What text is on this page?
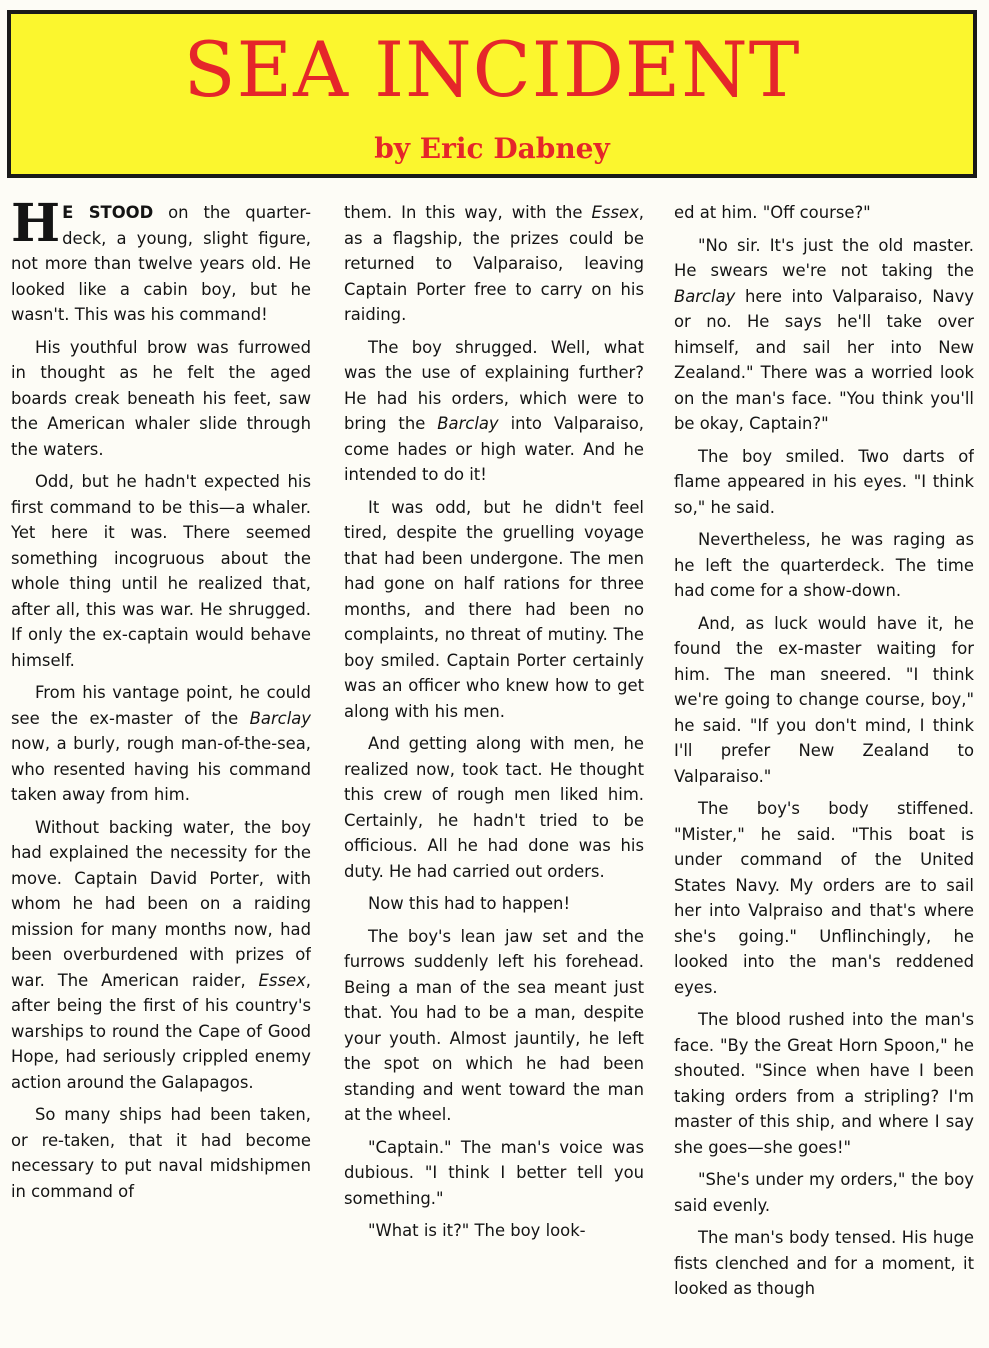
SEA INCIDENT
by Eric Dabney

H E STOOD on the quarter-deck, a young, slight figure, not more than twelve years old. He looked like a cabin boy, but he wasn't. This was his command!

His youthful brow was furrowed in thought as he felt the aged boards creak beneath his feet, saw the American whaler slide through the waters.

Odd, but he hadn't expected his first command to be this—a whaler. Yet here it was. There seemed something incogruous about the whole thing until he realized that, after all, this was war. He shrugged. If only the ex-captain would behave himself.

From his vantage point, he could see the ex-master of the Barclay now, a burly, rough man-of-the-sea, who resented having his command taken away from him.

Without backing water, the boy had explained the necessity for the move. Captain David Porter, with whom he had been on a raiding mission for many months now, had been overburdened with prizes of war. The American raider, Essex, after being the first of his country's warships to round the Cape of Good Hope, had seriously crippled enemy action around the Galapagos.

So many ships had been taken, or re-taken, that it had become necessary to put naval midshipmen in command of

them. In this way, with the Essex, as a flagship, the prizes could be returned to Valparaiso, leaving Captain Porter free to carry on his raiding.

The boy shrugged. Well, what was the use of explaining further? He had his orders, which were to bring the Barclay into Valparaiso, come hades or high water. And he intended to do it!

It was odd, but he didn't feel tired, despite the gruelling voyage that had been undergone. The men had gone on half rations for three months, and there had been no complaints, no threat of mutiny. The boy smiled. Captain Porter certainly was an officer who knew how to get along with his men.

And getting along with men, he realized now, took tact. He thought this crew of rough men liked him. Certainly, he hadn't tried to be officious. All he had done was his duty. He had carried out orders.

Now this had to happen!

The boy's lean jaw set and the furrows suddenly left his forehead. Being a man of the sea meant just that. You had to be a man, despite your youth. Almost jauntily, he left the spot on which he had been standing and went toward the man at the wheel.

"Captain." The man's voice was dubious. "I think I better tell you something."

"What is it?" The boy look-

ed at him. "Off course?"

"No sir. It's just the old master. He swears we're not taking the Barclay here into Valparaiso, Navy or no. He says he'll take over himself, and sail her into New Zealand." There was a worried look on the man's face. "You think you'll be okay, Captain?"

The boy smiled. Two darts of flame appeared in his eyes. "I think so," he said.

Nevertheless, he was raging as he left the quarterdeck. The time had come for a show-down.

And, as luck would have it, he found the ex-master waiting for him. The man sneered. "I think we're going to change course, boy," he said. "If you don't mind, I think I'll prefer New Zealand to Valparaiso."

The boy's body stiffened. "Mister," he said. "This boat is under command of the United States Navy. My orders are to sail her into Valpraiso and that's where she's going." Unflinchingly, he looked into the man's reddened eyes.

The blood rushed into the man's face. "By the Great Horn Spoon," he shouted. "Since when have I been taking orders from a stripling? I'm master of this ship, and where I say she goes—she goes!"

"She's under my orders," the boy said evenly.

The man's body tensed. His huge fists clenched and for a moment, it looked as though
